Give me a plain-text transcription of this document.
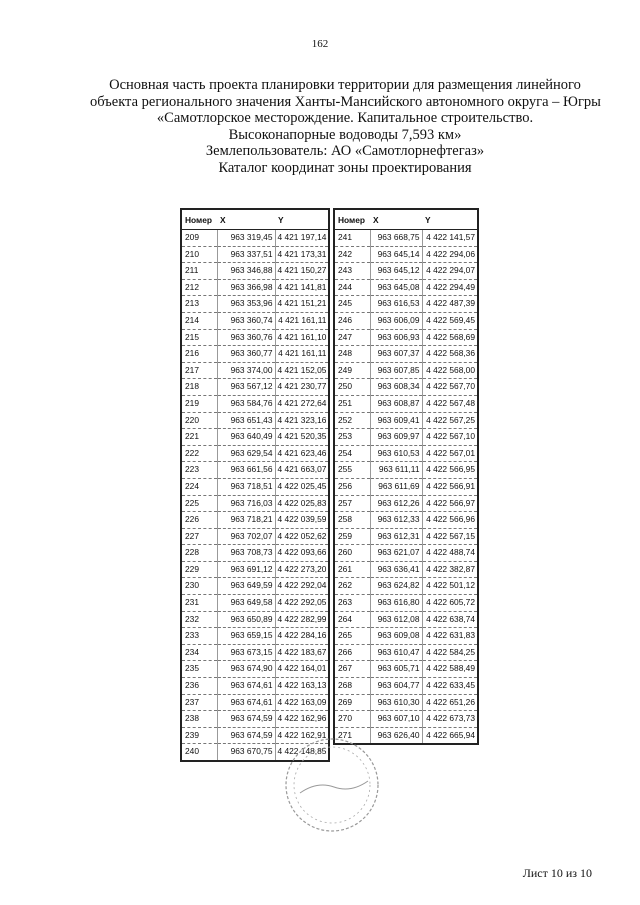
162
Основная часть проекта планировки территории для размещения линейного
объекта регионального значения Ханты-Мансийского автономного округа – Югры
«Самотлорское месторождение. Капитальное строительство.
Высоконапорные водоводы 7,593 км»
Землепользователь: АО «Самотлорнефтегаз»
Каталог координат зоны проектирования
Номер	X	Y
209	963 319,45	4 421 197,14
210	963 337,51	4 421 173,31
211	963 346,88	4 421 150,27
212	963 366,98	4 421 141,81
213	963 353,96	4 421 151,21
214	963 360,74	4 421 161,11
215	963 360,76	4 421 161,10
216	963 360,77	4 421 161,11
217	963 374,00	4 421 152,05
218	963 567,12	4 421 230,77
219	963 584,76	4 421 272,64
220	963 651,43	4 421 323,16
221	963 640,49	4 421 520,35
222	963 629,54	4 421 623,46
223	963 661,56	4 421 663,07
224	963 718,51	4 422 025,45
225	963 716,03	4 422 025,83
226	963 718,21	4 422 039,59
227	963 702,07	4 422 052,62
228	963 708,73	4 422 093,66
229	963 691,12	4 422 273,20
230	963 649,59	4 422 292,04
231	963 649,58	4 422 292,05
232	963 650,89	4 422 282,99
233	963 659,15	4 422 284,16
234	963 673,15	4 422 183,67
235	963 674,90	4 422 164,01
236	963 674,61	4 422 163,13
237	963 674,61	4 422 163,09
238	963 674,59	4 422 162,96
239	963 674,59	4 422 162,91
240	963 670,75	4 422 148,85
Номер	X	Y
241	963 668,75	4 422 141,57
242	963 645,14	4 422 294,06
243	963 645,12	4 422 294,07
244	963 645,08	4 422 294,49
245	963 616,53	4 422 487,39
246	963 606,09	4 422 569,45
247	963 606,93	4 422 568,69
248	963 607,37	4 422 568,36
249	963 607,85	4 422 568,00
250	963 608,34	4 422 567,70
251	963 608,87	4 422 567,48
252	963 609,41	4 422 567,25
253	963 609,97	4 422 567,10
254	963 610,53	4 422 567,01
255	963 611,11	4 422 566,95
256	963 611,69	4 422 566,91
257	963 612,26	4 422 566,97
258	963 612,33	4 422 566,96
259	963 612,31	4 422 567,15
260	963 621,07	4 422 488,74
261	963 636,41	4 422 382,87
262	963 624,82	4 422 501,12
263	963 616,80	4 422 605,72
264	963 612,08	4 422 638,74
265	963 609,08	4 422 631,83
266	963 610,47	4 422 584,25
267	963 605,71	4 422 588,49
268	963 604,77	4 422 633,45
269	963 610,30	4 422 651,26
270	963 607,10	4 422 673,73
271	963 626,40	4 422 665,94
Лист 10 из 10
